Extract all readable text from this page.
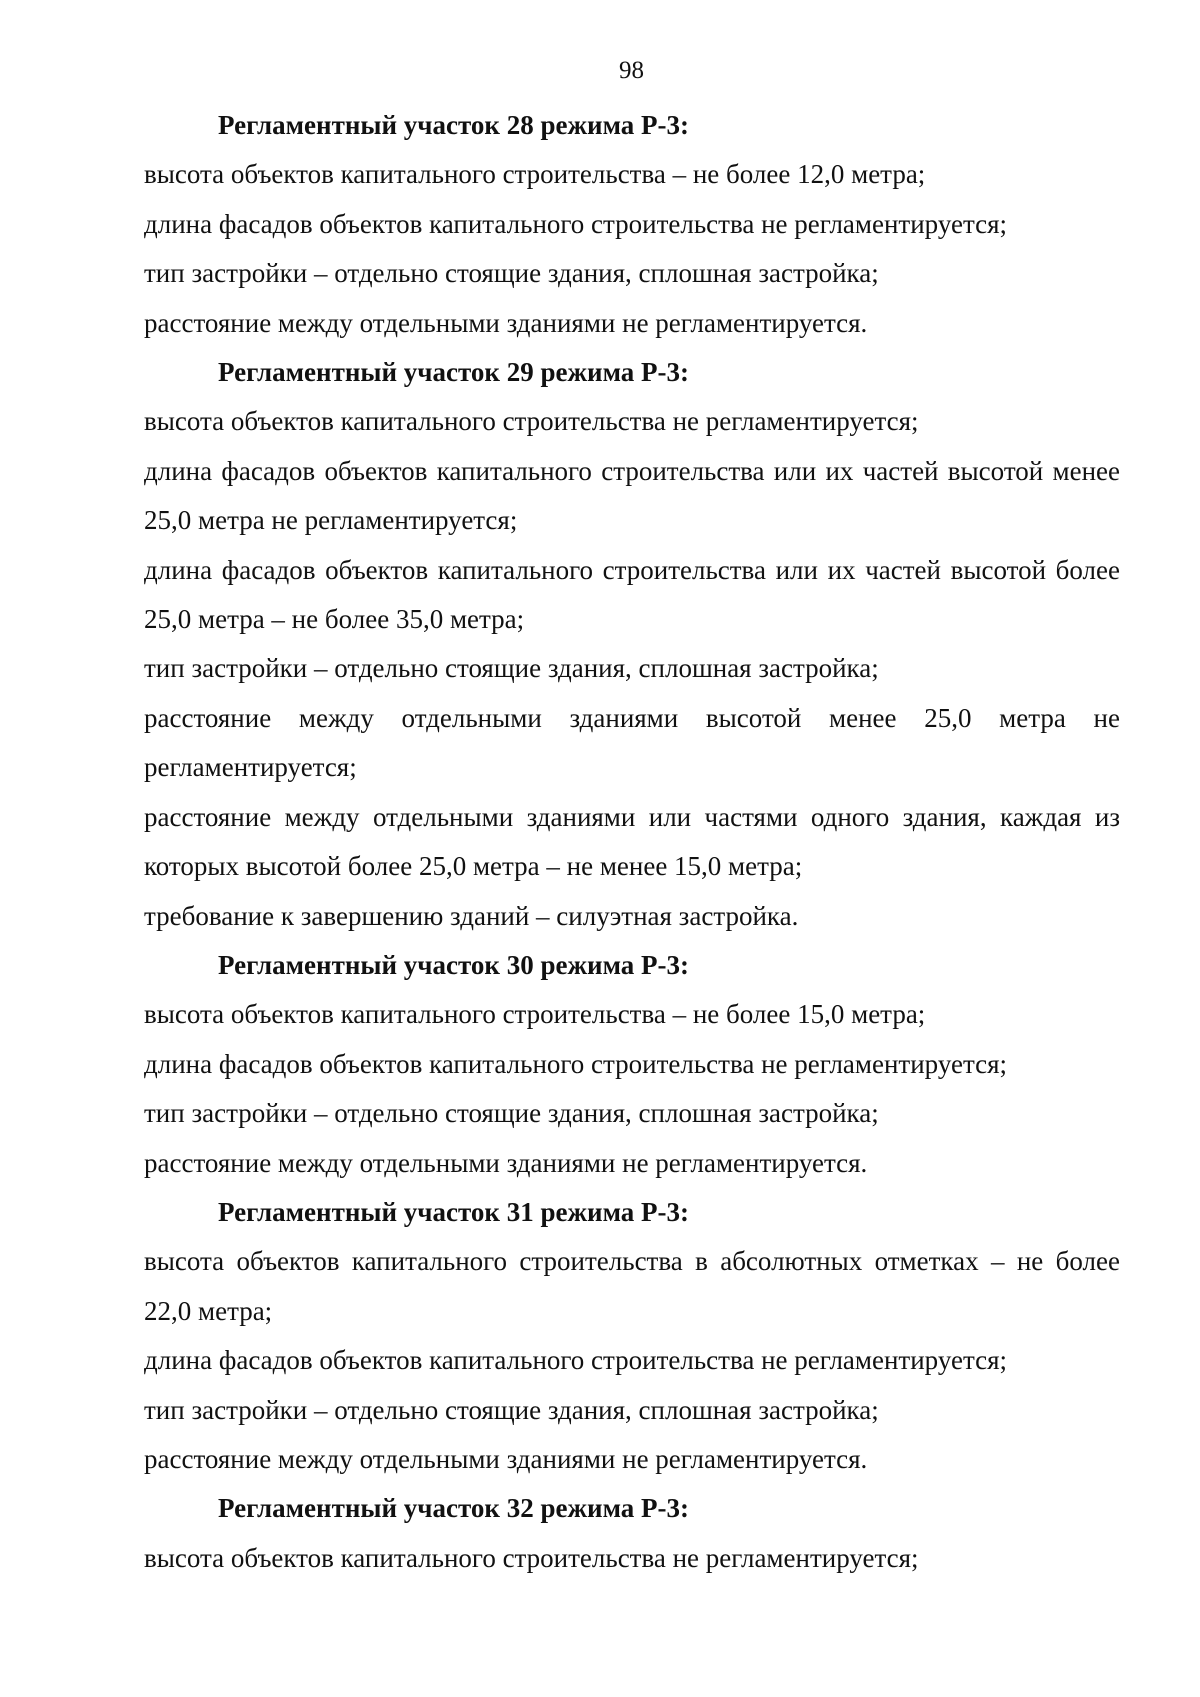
98

Регламентный участок 28 режима Р-3:

высота объектов капитального строительства – не более 12,0 метра;

длина фасадов объектов капитального строительства не регламентируется;

тип застройки – отдельно стоящие здания, сплошная застройка;

расстояние между отдельными зданиями не регламентируется.

Регламентный участок 29 режима Р-3:

высота объектов капитального строительства не регламентируется;

длина фасадов объектов капитального строительства или их частей высотой менее 25,0 метра не регламентируется;

длина фасадов объектов капитального строительства или их частей высотой более 25,0 метра – не более 35,0 метра;

тип застройки – отдельно стоящие здания, сплошная застройка;

расстояние между отдельными зданиями высотой менее 25,0 метра не регламентируется;

расстояние между отдельными зданиями или частями одного здания, каждая из которых высотой более 25,0 метра – не менее 15,0 метра;

требование к завершению зданий – силуэтная застройка.

Регламентный участок 30 режима Р-3:

высота объектов капитального строительства – не более 15,0 метра;

длина фасадов объектов капитального строительства не регламентируется;

тип застройки – отдельно стоящие здания, сплошная застройка;

расстояние между отдельными зданиями не регламентируется.

Регламентный участок 31 режима Р-3:

высота объектов капитального строительства в абсолютных отметках – не более 22,0 метра;

длина фасадов объектов капитального строительства не регламентируется;

тип застройки – отдельно стоящие здания, сплошная застройка;

расстояние между отдельными зданиями не регламентируется.

Регламентный участок 32 режима Р-3:

высота объектов капитального строительства не регламентируется;
